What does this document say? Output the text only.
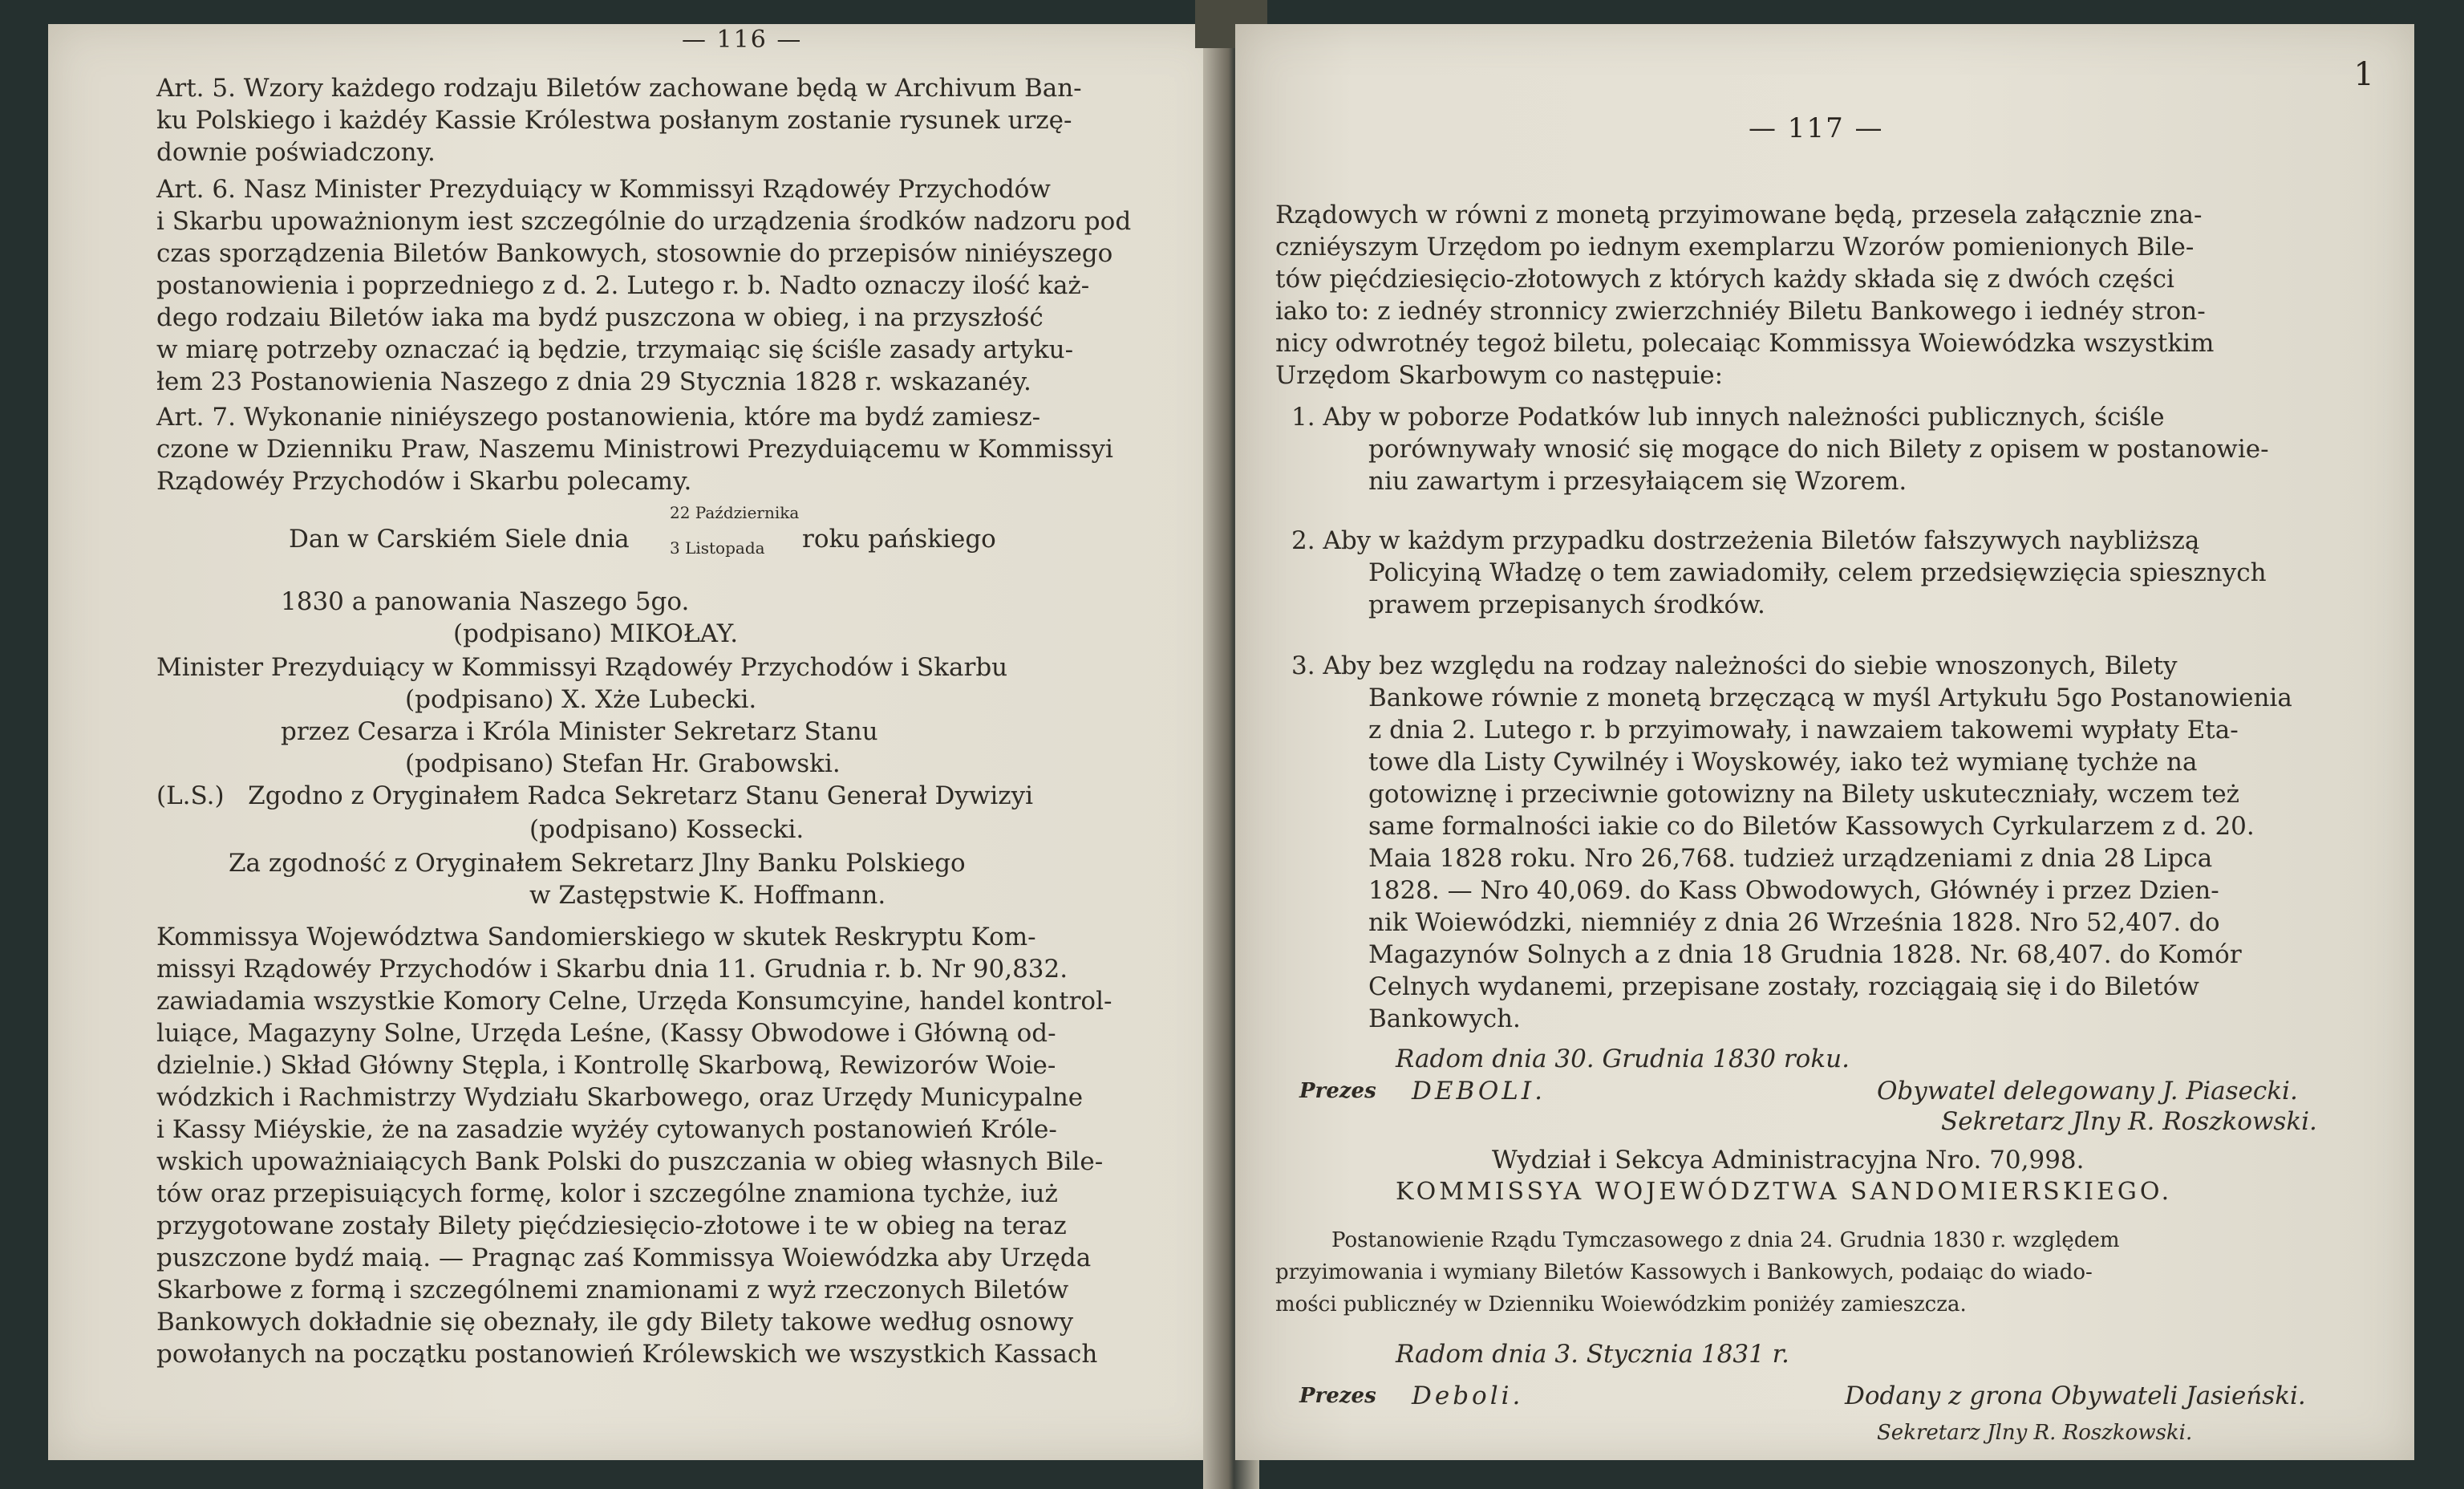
— 116 —
Art. 5. Wzory każdego rodzaju Biletów zachowane będą w Archivum Ban-
ku Polskiego i każdéy Kassie Królestwa posłanym zostanie rysunek urzę-
downie poświadczony.
Art. 6. Nasz Minister Prezyduiący w Kommissyi Rządowéy Przychodów
i Skarbu upoważnionym iest szczególnie do urządzenia środków nadzoru pod
czas sporządzenia Biletów Bankowych, stosownie do przepisów niniéyszego
postanowienia i poprzedniego z d. 2. Lutego r. b. Nadto oznaczy ilość każ-
dego rodzaiu Biletów iaka ma bydź puszczona w obieg, i na przyszłość
w miarę potrzeby oznaczać ią będzie, trzymaiąc się ściśle zasady artyku-
łem 23 Postanowienia Naszego z dnia 29 Stycznia 1828 r. wskazanéy.
Art. 7. Wykonanie niniéyszego postanowienia, które ma bydź zamiesz-
czone w Dzienniku Praw, Naszemu Ministrowi Prezyduiącemu w Kommissyi
Rządowéy Przychodów i Skarbu polecamy.
22 Października
Dan w Carskiém Siele dnia	3 Listopada roku pańskiego
1830 a panowania Naszego 5go.
(podpisano) MIKOŁAY.
Minister Prezyduiący w Kommissyi Rządowéy Przychodów i Skarbu
(podpisano) X. Xże Lubecki.
przez Cesarza i Króla Minister Sekretarz Stanu
(podpisano) Stefan Hr. Grabowski.
(L.S.)   Zgodno z Oryginałem Radca Sekretarz Stanu Generał Dywizyi
(podpisano) Kossecki.
Za zgodność z Oryginałem Sekretarz Jlny Banku Polskiego
w Zastępstwie K. Hoffmann.
Kommissya Województwa Sandomierskiego w skutek Reskryptu Kom-
missyi Rządowéy Przychodów i Skarbu dnia 11. Grudnia r. b. Nr 90,832.
zawiadamia wszystkie Komory Celne, Urzęda Konsumcyine, handel kontrol-
luiące, Magazyny Solne, Urzęda Leśne, (Kassy Obwodowe i Główną od-
dzielnie.) Skład Główny Stępla, i Kontrollę Skarbową, Rewizorów Woie-
wódzkich i Rachmistrzy Wydziału Skarbowego, oraz Urzędy Municypalne
i Kassy Miéyskie, że na zasadzie wyżéy cytowanych postanowień Króle-
wskich upoważniaiących Bank Polski do puszczania w obieg własnych Bile-
tów oraz przepisuiących formę, kolor i szczególne znamiona tychże, iuż
przygotowane zostały Bilety pięćdziesięcio-złotowe i te w obieg na teraz
puszczone bydź maią. — Pragnąc zaś Kommissya Woiewódzka aby Urzęda
Skarbowe z formą i szczególnemi znamionami z wyż rzeczonych Biletów
Bankowych dokładnie się obeznały, ile gdy Bilety takowe według osnowy
powołanych na początku postanowień Królewskich we wszystkich Kassach
1
— 117 —
Rządowych w równi z monetą przyimowane będą, przesela załącznie zna-
czniéyszym Urzędom po iednym exemplarzu Wzorów pomienionych Bile-
tów pięćdziesięcio-złotowych z których każdy składa się z dwóch części
iako to: z iednéy stronnicy zwierzchniéy Biletu Bankowego i iednéy stron-
nicy odwrotnéy tegoż biletu, polecaiąc Kommissya Woiewódzka wszystkim
Urzędom Skarbowym co następuie:
1. Aby w poborze Podatków lub innych należności publicznych, ściśle
porównywały wnosić się mogące do nich Bilety z opisem w postanowie-
niu zawartym i przesyłaiącem się Wzorem.
2. Aby w każdym przypadku dostrzeżenia Biletów fałszywych naybliższą
Policyiną Władzę o tem zawiadomiły, celem przedsięwzięcia spiesznych
prawem przepisanych środków.
3. Aby bez względu na rodzay należności do siebie wnoszonych, Bilety
Bankowe równie z monetą brzęczącą w myśl Artykułu 5go Postanowienia
z dnia 2. Lutego r. b przyimowały, i nawzaiem takowemi wypłaty Eta-
towe dla Listy Cywilnéy i Woyskowéy, iako też wymianę tychże na
gotowiznę i przeciwnie gotowizny na Bilety uskuteczniały, wczem też
same formalności iakie co do Biletów Kassowych Cyrkularzem z d. 20.
Maia 1828 roku. Nro 26,768. tudzież urządzeniami z dnia 28 Lipca
1828. — Nro 40,069. do Kass Obwodowych, Głównéy i przez Dzien-
nik Woiewódzki, niemniéy z dnia 26 Września 1828. Nro 52,407. do
Magazynów Solnych a z dnia 18 Grudnia 1828. Nr. 68,407. do Komór
Celnych wydanemi, przepisane zostały, rozciągaią się i do Biletów
Bankowych.
Radom dnia 30. Grudnia 1830 roku.
Prezes DEBOLI.	Obywatel delegowany J. Piasecki.
Sekretarz Jlny R. Roszkowski.
Wydział i Sekcya Administracyjna Nro. 70,998.
KOMMISSYA WOJEWÓDZTWA SANDOMIERSKIEGO.
Postanowienie Rządu Tymczasowego z dnia 24. Grudnia 1830 r. względem
przyimowania i wymiany Biletów Kassowych i Bankowych, podaiąc do wiado-
mości publicznéy w Dzienniku Woiewódzkim poniżéy zamieszcza.
Radom dnia 3. Stycznia 1831 r.
Prezes Deboli.	Dodany z grona Obywateli Jasieński.
Sekretarz Jlny R. Roszkowski.
